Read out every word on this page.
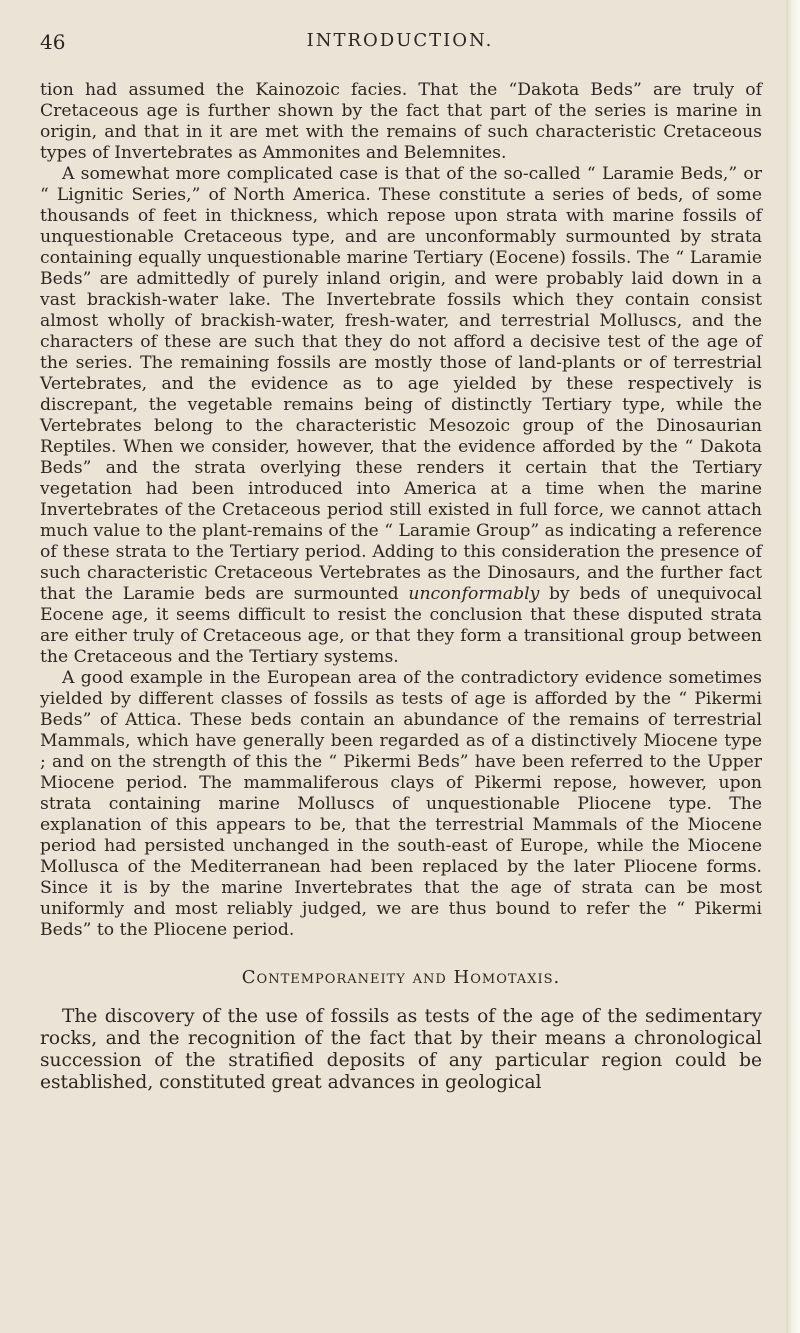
46	INTRODUCTION.

tion had assumed the Kainozoic facies. That the “Dakota Beds” are truly of Cretaceous age is further shown by the fact that part of the series is marine in origin, and that in it are met with the remains of such characteristic Cretaceous types of Invertebrates as Ammonites and Belemnites.

A somewhat more complicated case is that of the so-called “ Laramie Beds,” or “ Lignitic Series,” of North America. These constitute a series of beds, of some thousands of feet in thickness, which repose upon strata with marine fossils of unquestionable Cretaceous type, and are unconformably surmounted by strata containing equally unquestionable marine Tertiary (Eocene) fossils. The “ Laramie Beds” are admittedly of purely inland origin, and were probably laid down in a vast brackish-water lake. The Invertebrate fossils which they contain consist almost wholly of brackish-water, fresh-water, and terrestrial Molluscs, and the characters of these are such that they do not afford a decisive test of the age of the series. The remaining fossils are mostly those of land-plants or of terrestrial Vertebrates, and the evidence as to age yielded by these respectively is discrepant, the vegetable remains being of distinctly Tertiary type, while the Vertebrates belong to the characteristic Mesozoic group of the Dinosaurian Reptiles. When we consider, however, that the evidence afforded by the “ Dakota Beds” and the strata overlying these renders it certain that the Tertiary vegetation had been introduced into America at a time when the marine Invertebrates of the Cretaceous period still existed in full force, we cannot attach much value to the plant-remains of the “ Laramie Group” as indicating a reference of these strata to the Tertiary period. Adding to this consideration the presence of such characteristic Cretaceous Vertebrates as the Dinosaurs, and the further fact that the Laramie beds are surmounted unconformably by beds of unequivocal Eocene age, it seems difficult to resist the conclusion that these disputed strata are either truly of Cretaceous age, or that they form a transitional group between the Cretaceous and the Tertiary systems.

A good example in the European area of the contradictory evidence sometimes yielded by different classes of fossils as tests of age is afforded by the “ Pikermi Beds” of Attica. These beds contain an abundance of the remains of terrestrial Mammals, which have generally been regarded as of a distinctively Miocene type ; and on the strength of this the “ Pikermi Beds” have been referred to the Upper Miocene period. The mammaliferous clays of Pikermi repose, however, upon strata containing marine Molluscs of unquestionable Pliocene type. The explanation of this appears to be, that the terrestrial Mammals of the Miocene period had persisted unchanged in the south-east of Europe, while the Miocene Mollusca of the Mediterranean had been replaced by the later Pliocene forms. Since it is by the marine Invertebrates that the age of strata can be most uniformly and most reliably judged, we are thus bound to refer the “ Pikermi Beds” to the Pliocene period.

Contemporaneity and Homotaxis.

The discovery of the use of fossils as tests of the age of the sedimentary rocks, and the recognition of the fact that by their means a chronological succession of the stratified deposits of any particular region could be established, constituted great advances in geological
